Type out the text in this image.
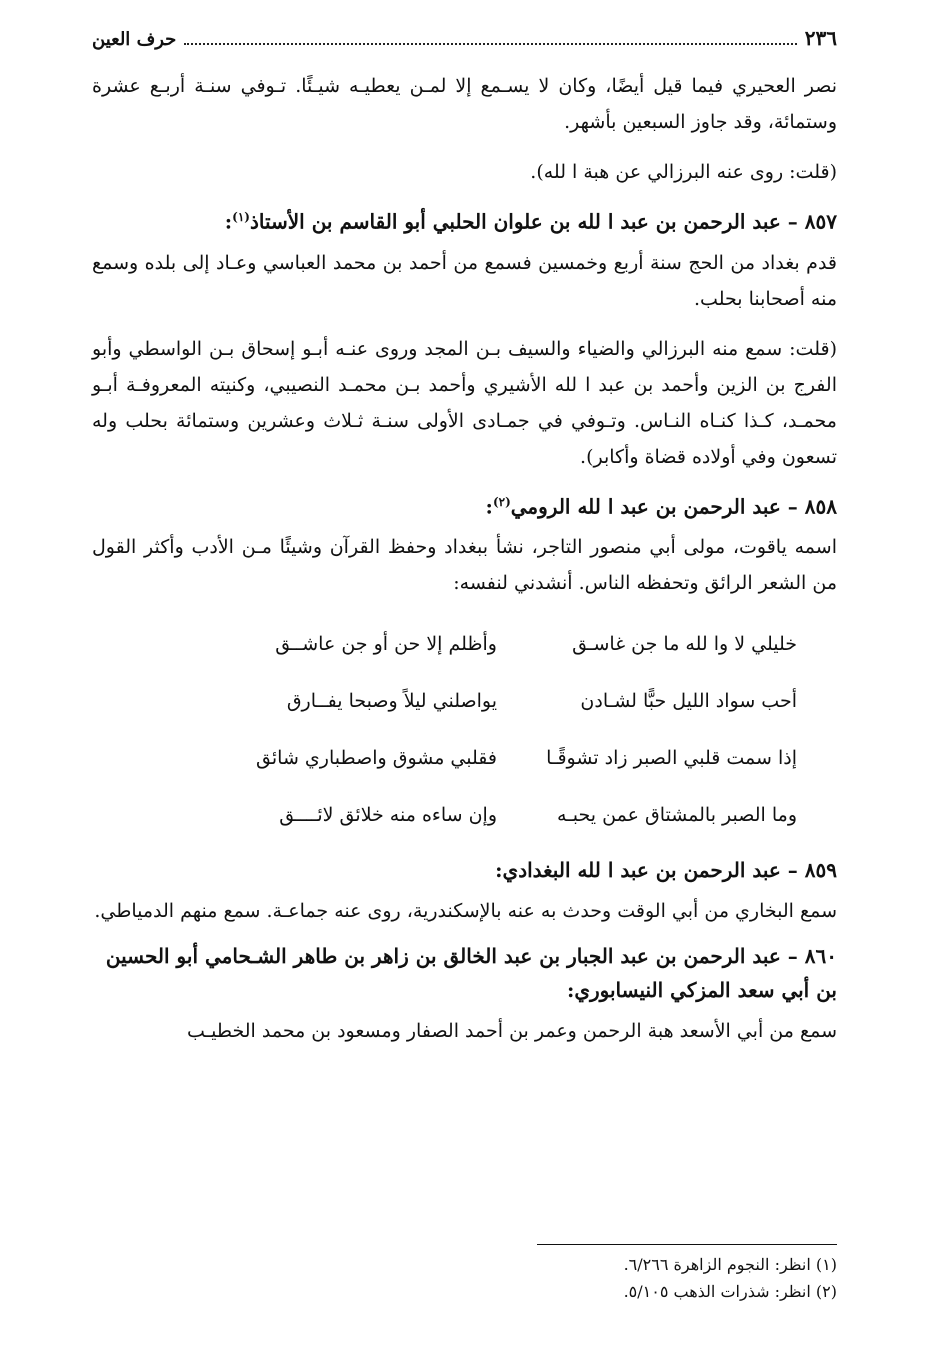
٢٣٦
حرف العين

نصر العحيري فيما قيل أيضًا، وكان لا يسـمع إلا لمـن يعطيـه شيـئًا. تـوفي سنـة أربـع عشرة وستمائة، وقد جاوز السبعين بأشهر.

(قلت: روى عنه البرزالي عن هبة ا لله).

٨٥٧ – عبد الرحمن بن عبد ا لله بن علوان الحلبي أبو القاسم بن الأستاذ$^{(١)}$:

قدم بغداد من الحج سنة أربع وخمسين فسمع من أحمد بن محمد العباسي وعـاد إلى بلده وسمع منه أصحابنا بحلب.

(قلت: سمع منه البرزالي والضياء والسيف بـن المجد وروى عنـه أبـو إسحاق بـن الواسطي وأبو الفرج بن الزين وأحمد بن عبد ا لله الأشيري وأحمد بـن محمـد النصيبي، وكنيته المعروفـة أبـو محمـد، كـذا كنـاه النـاس. وتـوفي في جمـادى الأولى سنـة ثـلاث وعشرين وستمائة بحلب وله تسعون وفي أولاده قضاة وأكابر).

٨٥٨ – عبد الرحمن بن عبد ا لله الرومي$^{(٢)}$:

اسمه ياقوت، مولى أبي منصور التاجر، نشأ ببغداد وحفظ القرآن وشيئًا مـن الأدب وأكثر القول من الشعر الرائق وتحفظه الناس. أنشدني لنفسه:

خليلي لا وا لله ما جن غاسـق
وأظلم إلا حن أو جن عاشــق
أحب سواد الليل حبًّا لشـادن
يواصلني ليلاً وصبحا يفــارق
إذا سمت قلبي الصبر زاد تشوقًـا
فقلبي مشوق واصطباري شائق
وما الصبر بالمشتاق عمن يحبـه
وإن ساءه منه خلائق لائــــق
٨٥٩ – عبد الرحمن بن عبد ا لله البغدادي:

سمع البخاري من أبي الوقت وحدث به عنه بالإسكندرية، روى عنه جماعـة. سمع منهم الدمياطي.

٨٦٠ – عبد الرحمن بن عبد الجبار بن عبد الخالق بن زاهر بن طاهر الشـحامي أبو الحسين بن أبي سعد المزكي النيسابوري:

سمع من أبي الأسعد هبة الرحمن وعمر بن أحمد الصفار ومسعود بن محمد الخطيـب

(١) انظر: النجوم الزاهرة ٦/٢٦٦.
(٢) انظر: شذرات الذهب ٥/١٠٥.
